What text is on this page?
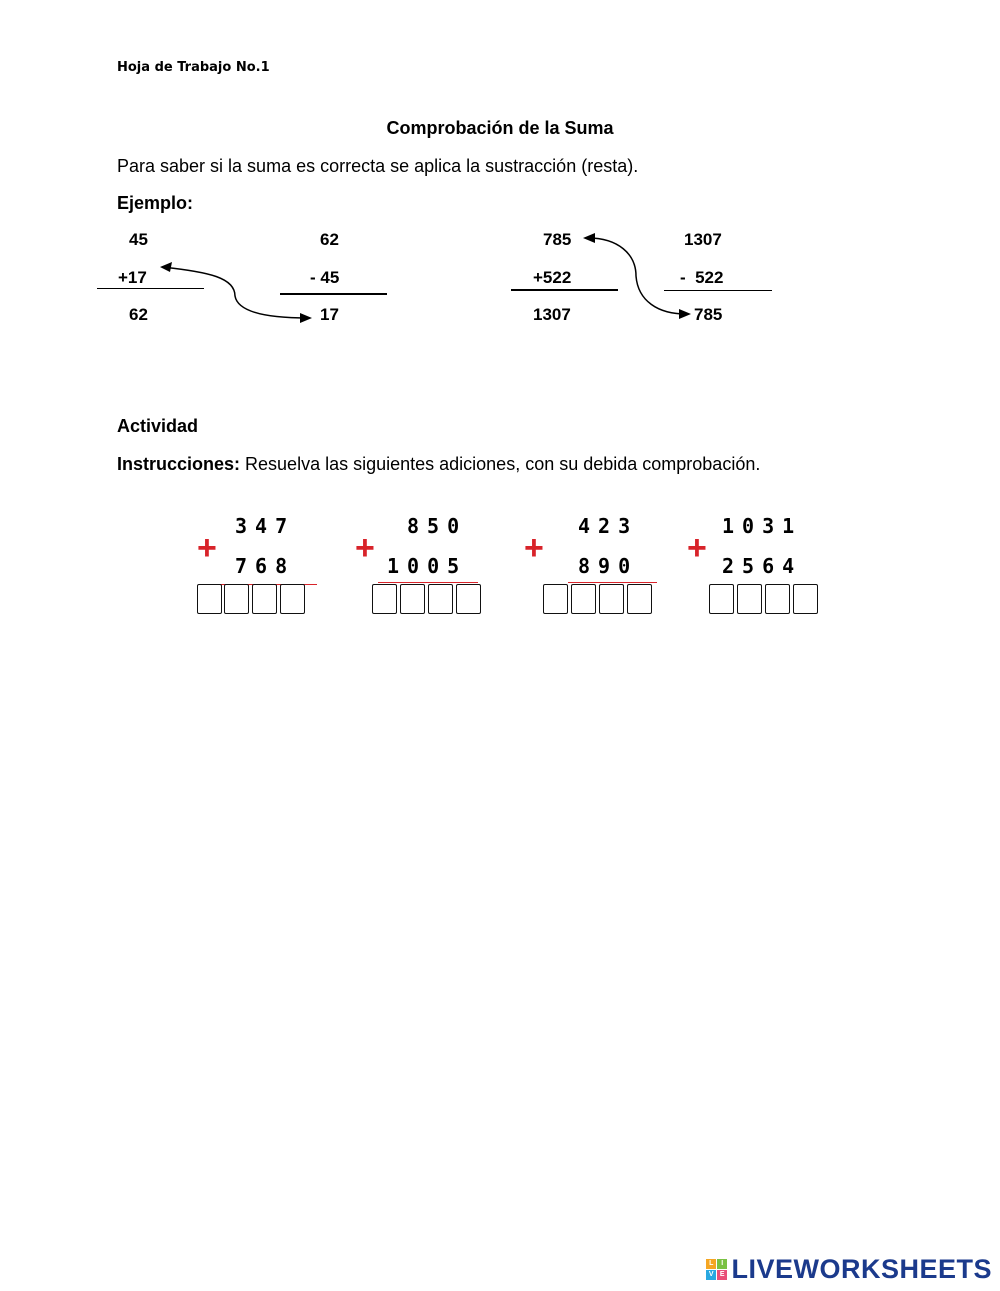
Hoja de Trabajo No.1
Comprobación de la Suma
Para saber si la suma es correcta se aplica la sustracción (resta).
Ejemplo:
45
+17
62
62
- 45
17
785
+522
1307
1307
-  522
785
Actividad
Instrucciones: Resuelva las siguientes adiciones, con su debida comprobación.
+
347
768 +
850
1005 +
423
890 +
1031
2564
L	I
V E LIVEWORKSHEETS
